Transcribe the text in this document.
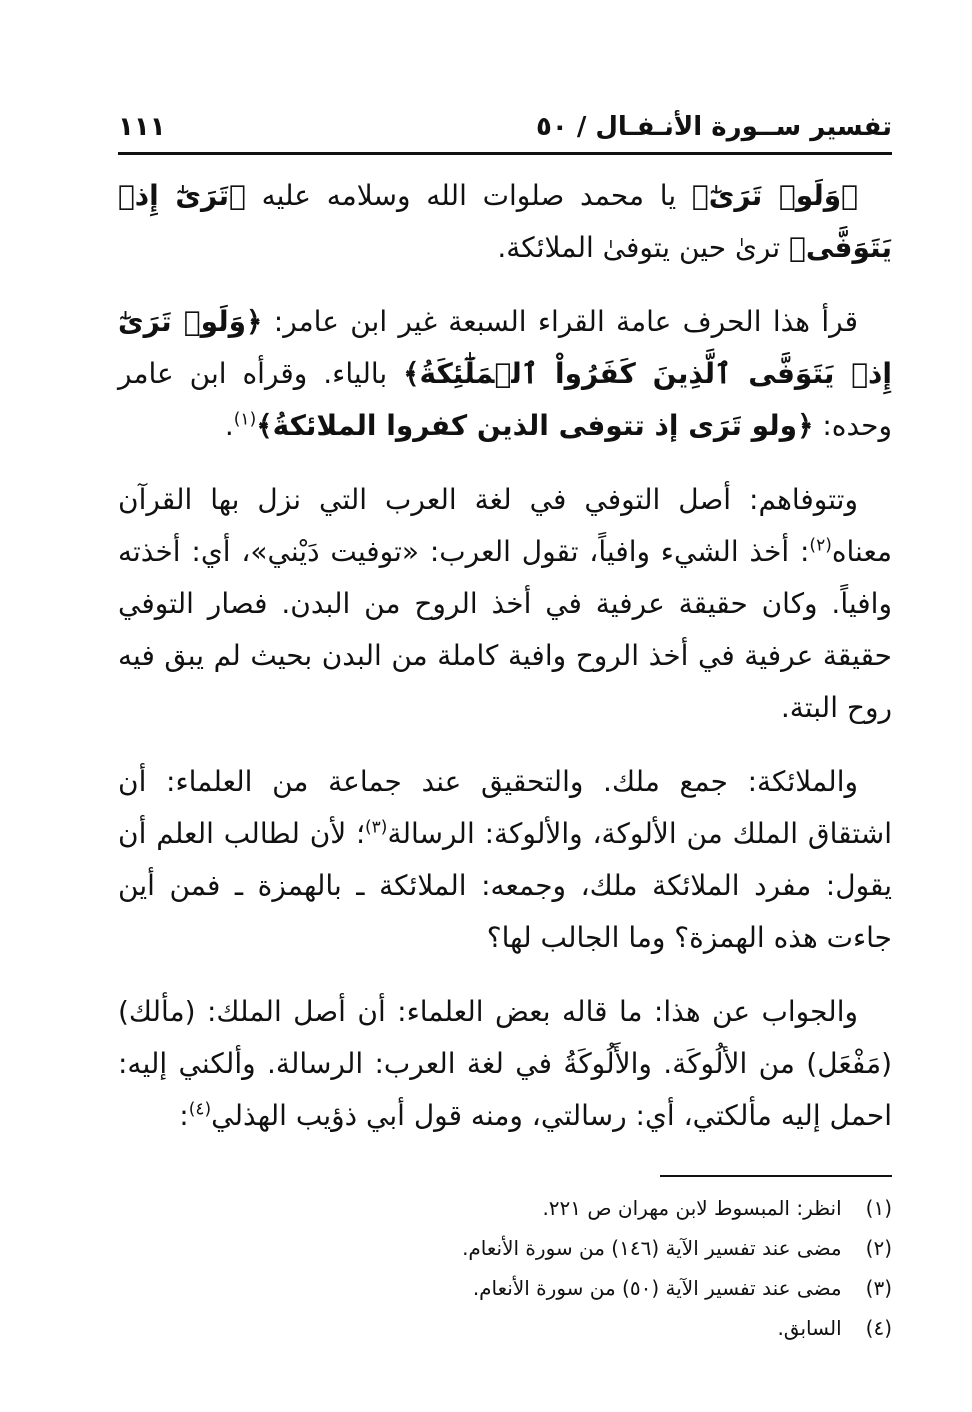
تفسير ســورة الأنـفـال / ٥٠
١١١

﴿وَلَوۡ تَرَىٰٓ﴾ يا محمد صلوات الله وسلامه عليه ﴿تَرَىٰٓ إِذۡ يَتَوَفَّى﴾ ترىٰ حين يتوفىٰ الملائكة.

قرأ هذا الحرف عامة القراء السبعة غير ابن عامر: ﴿وَلَوۡ تَرَىٰٓ إِذۡ يَتَوَفَّى ٱلَّذِينَ كَفَرُواْ ٱلۡمَلَٰٓئِكَةُ﴾ بالياء. وقرأه ابن عامر وحده: ﴿ولو تَرَى إذ تتوفى الذين كفروا الملائكةُ﴾$^{(١)}$.

وتتوفاهم: أصل التوفي في لغة العرب التي نزل بها القرآن معناه$^{(٢)}$: أخذ الشيء وافياً، تقول العرب: «توفيت دَيْني»، أي: أخذته وافياً. وكان حقيقة عرفية في أخذ الروح من البدن. فصار التوفي حقيقة عرفية في أخذ الروح وافية كاملة من البدن بحيث لم يبق فيه روح البتة.

والملائكة: جمع ملك. والتحقيق عند جماعة من العلماء: أن اشتقاق الملك من الألوكة، والألوكة: الرسالة$^{(٣)}$؛ لأن لطالب العلم أن يقول: مفرد الملائكة ملك، وجمعه: الملائكة ـ بالهمزة ـ فمن أين جاءت هذه الهمزة؟ وما الجالب لها؟

والجواب عن هذا: ما قاله بعض العلماء: أن أصل الملك: (مألك) (مَفْعَل) من الألُوكَة. والأَلُوكَةُ في لغة العرب: الرسالة. وألكني إليه: احمل إليه مألكتي، أي: رسالتي، ومنه قول أبي ذؤيب الهذلي$^{(٤)}$:

(١) انظر: المبسوط لابن مهران ص ٢٢١.

(٢) مضى عند تفسير الآية (١٤٦) من سورة الأنعام.

(٣) مضى عند تفسير الآية (٥٠) من سورة الأنعام.

(٤) السابق.
